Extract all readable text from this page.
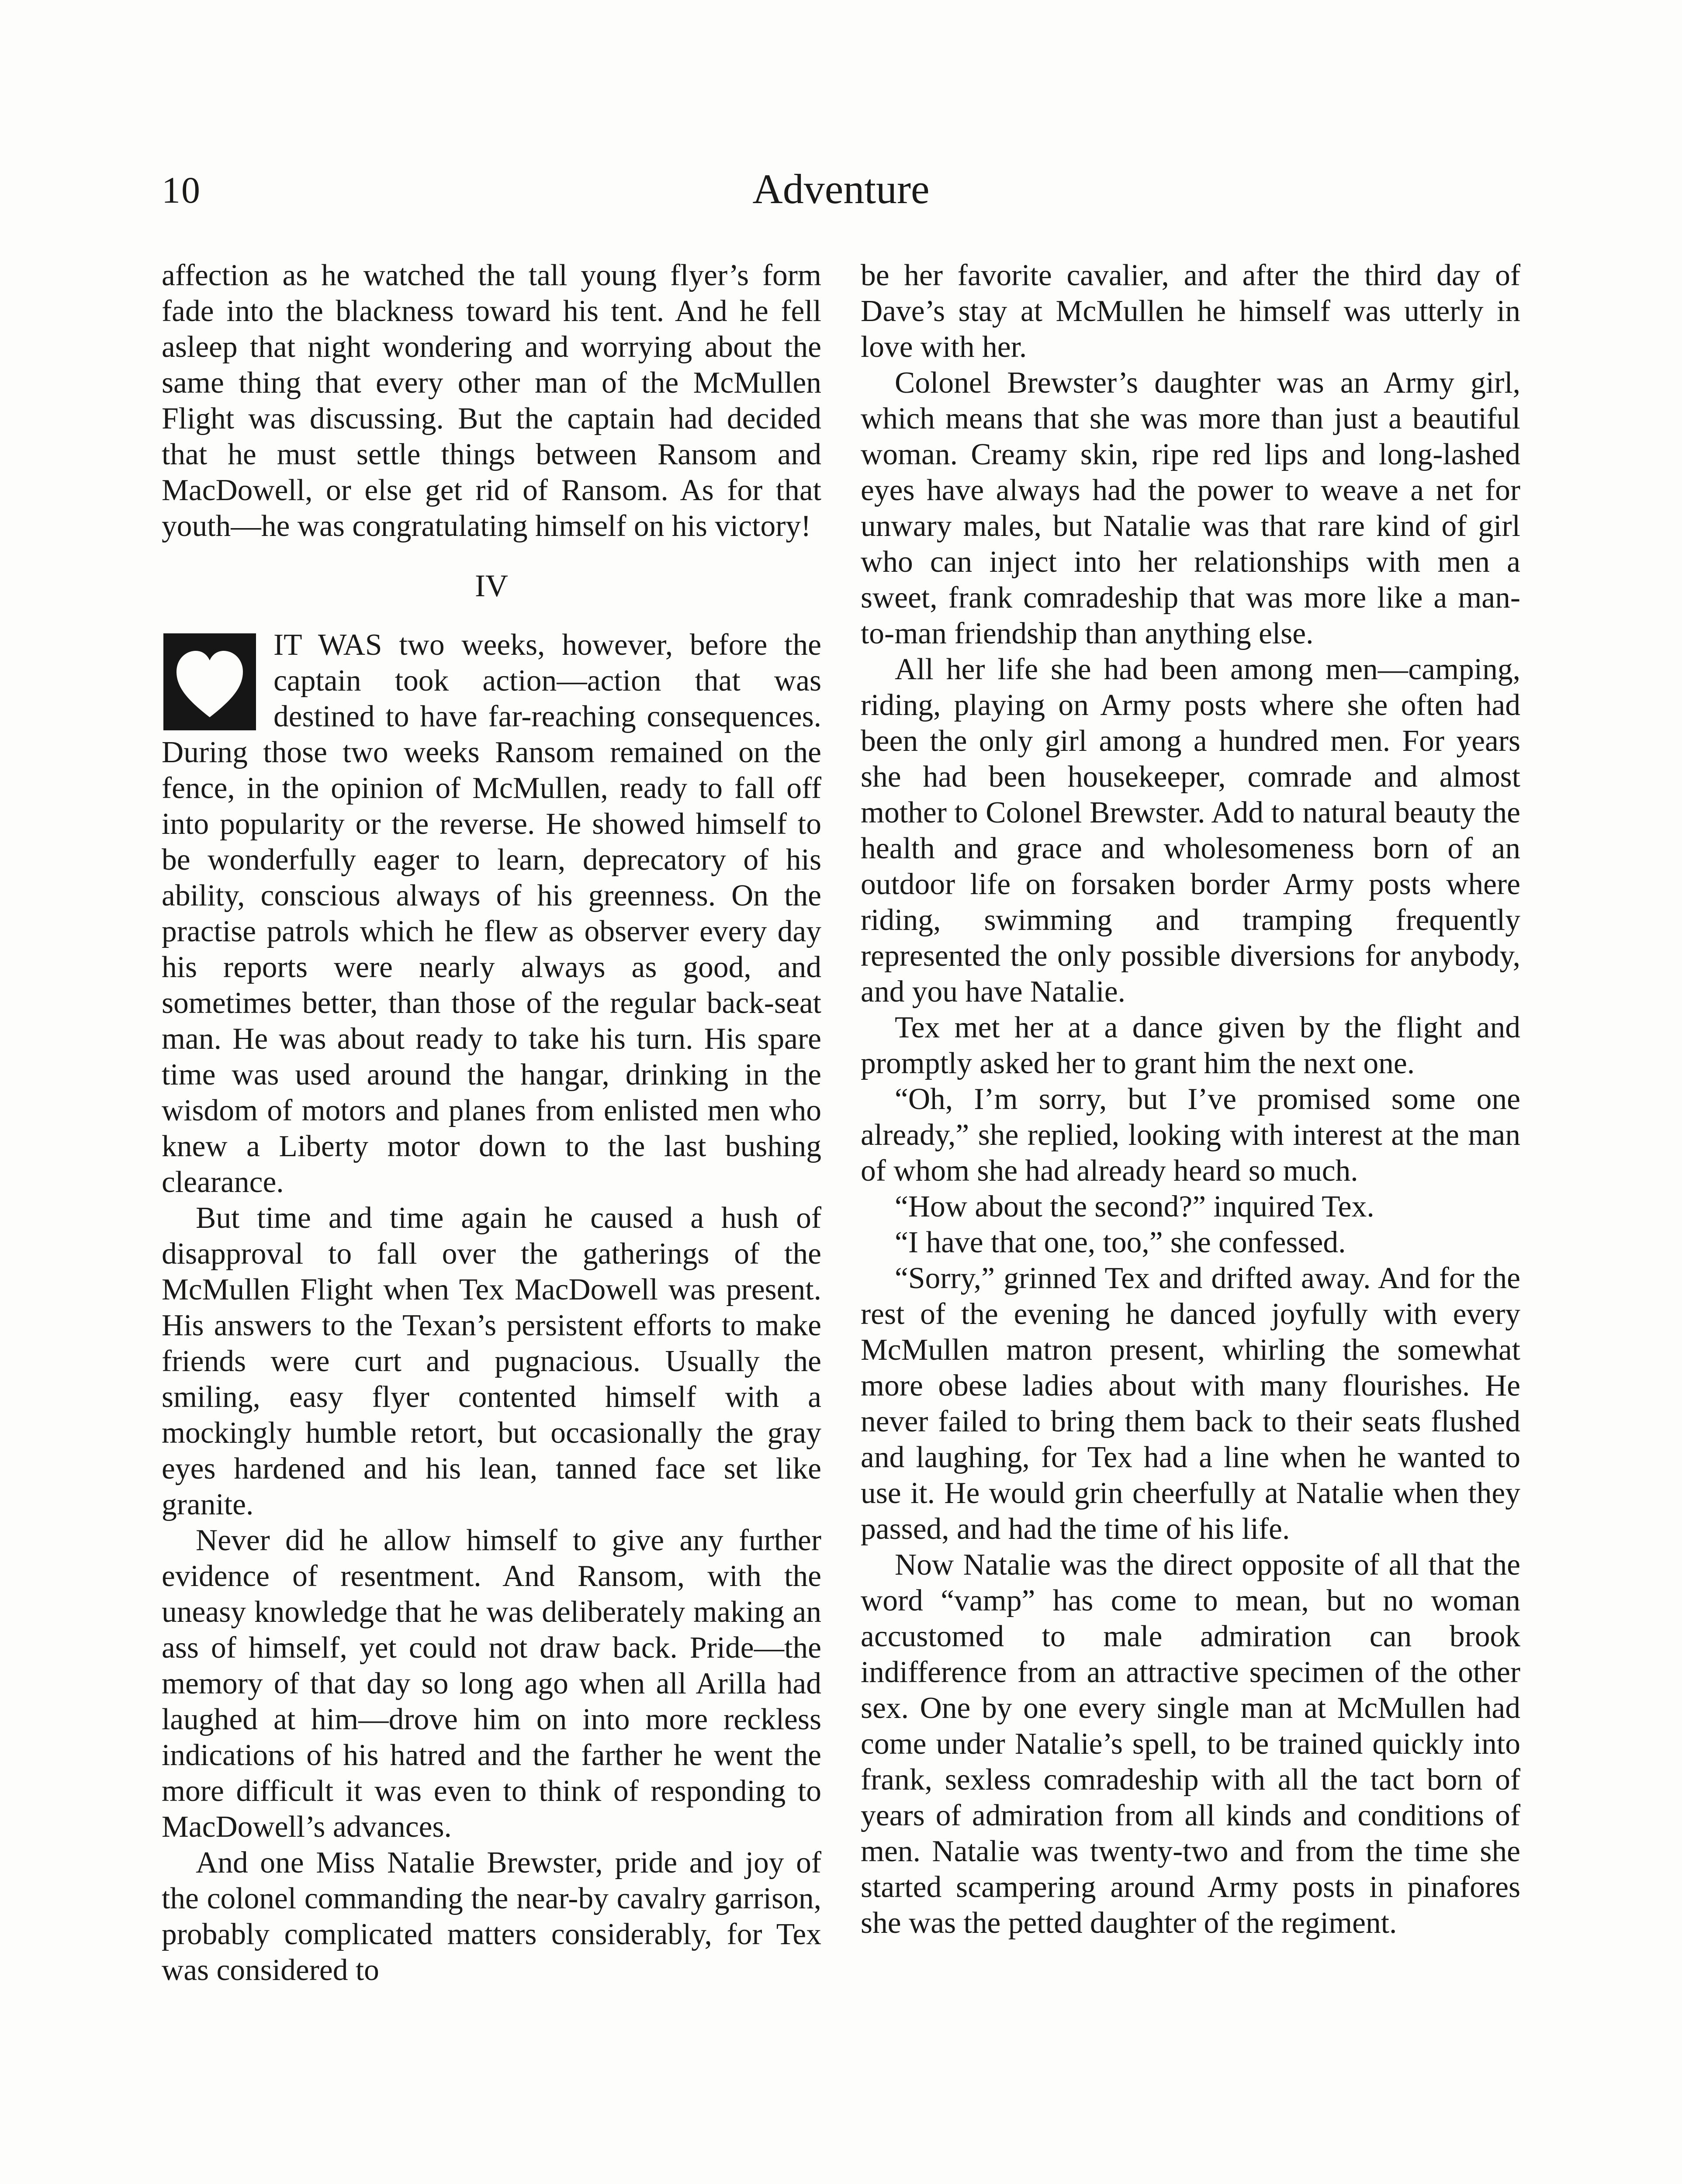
10	Adventure

affection as he watched the tall young flyer’s form fade into the blackness toward his tent. And he fell asleep that night wondering and worrying about the same thing that every other man of the McMullen Flight was discussing. But the captain had decided that he must settle things between Ransom and MacDowell, or else get rid of Ransom. As for that youth—he was congratulating himself on his victory!

IV

IT WAS two weeks, however, before the captain took action—action that was destined to have far-reaching consequences. During those two weeks Ransom remained on the fence, in the opinion of McMullen, ready to fall off into popularity or the reverse. He showed himself to be wonderfully eager to learn, deprecatory of his ability, conscious always of his greenness. On the practise patrols which he flew as observer every day his reports were nearly always as good, and sometimes better, than those of the regular back-seat man. He was about ready to take his turn. His spare time was used around the hangar, drinking in the wisdom of motors and planes from enlisted men who knew a Liberty motor down to the last bushing clearance.

But time and time again he caused a hush of disapproval to fall over the gatherings of the McMullen Flight when Tex MacDowell was present. His answers to the Texan’s persistent efforts to make friends were curt and pugnacious. Usually the smiling, easy flyer contented himself with a mockingly humble retort, but occasionally the gray eyes hardened and his lean, tanned face set like granite.

Never did he allow himself to give any further evidence of resentment. And Ransom, with the uneasy knowledge that he was deliberately making an ass of himself, yet could not draw back. Pride—the memory of that day so long ago when all Arilla had laughed at him—drove him on into more reckless indications of his hatred and the farther he went the more difficult it was even to think of responding to MacDowell’s advances.

And one Miss Natalie Brewster, pride and joy of the colonel commanding the near-by cavalry garrison, probably complicated matters considerably, for Tex was considered to

be her favorite cavalier, and after the third day of Dave’s stay at McMullen he himself was utterly in love with her.

Colonel Brewster’s daughter was an Army girl, which means that she was more than just a beautiful woman. Creamy skin, ripe red lips and long-lashed eyes have always had the power to weave a net for unwary males, but Natalie was that rare kind of girl who can inject into her relationships with men a sweet, frank comradeship that was more like a man-to-man friendship than anything else.

All her life she had been among men—camping, riding, playing on Army posts where she often had been the only girl among a hundred men. For years she had been housekeeper, comrade and almost mother to Colonel Brewster. Add to natural beauty the health and grace and wholesomeness born of an outdoor life on forsaken border Army posts where riding, swimming and tramping frequently represented the only possible diversions for anybody, and you have Natalie.

Tex met her at a dance given by the flight and promptly asked her to grant him the next one.

“Oh, I’m sorry, but I’ve promised some one already,” she replied, looking with interest at the man of whom she had already heard so much.

“How about the second?” inquired Tex.

“I have that one, too,” she confessed.

“Sorry,” grinned Tex and drifted away. And for the rest of the evening he danced joyfully with every McMullen matron present, whirling the somewhat more obese ladies about with many flourishes. He never failed to bring them back to their seats flushed and laughing, for Tex had a line when he wanted to use it. He would grin cheerfully at Natalie when they passed, and had the time of his life.

Now Natalie was the direct opposite of all that the word “vamp” has come to mean, but no woman accustomed to male admiration can brook indifference from an attractive specimen of the other sex. One by one every single man at McMullen had come under Natalie’s spell, to be trained quickly into frank, sexless comradeship with all the tact born of years of admiration from all kinds and conditions of men. Natalie was twenty-two and from the time she started scampering around Army posts in pinafores she was the petted daughter of the regiment.
